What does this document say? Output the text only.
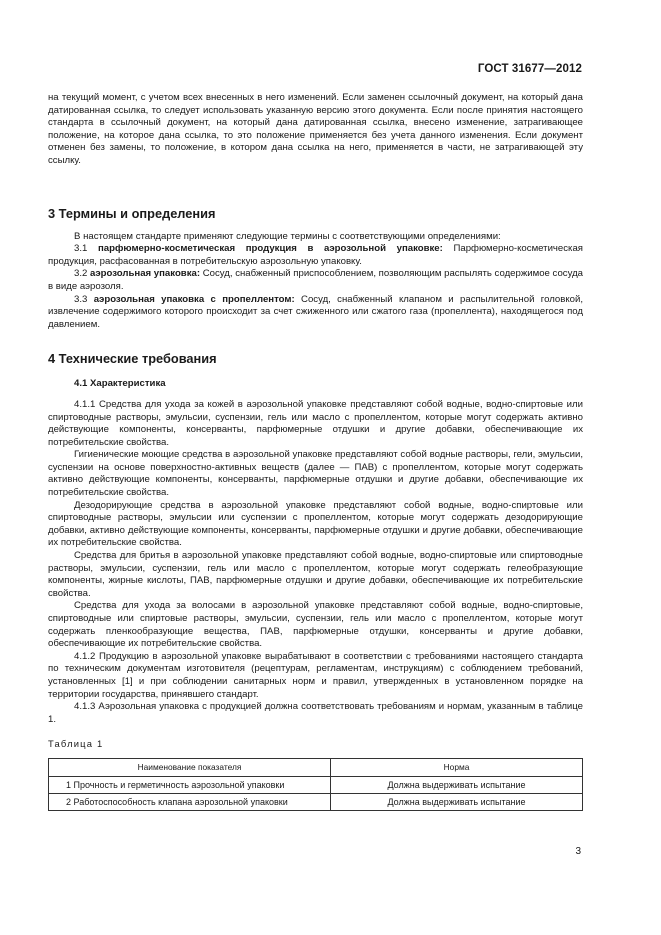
ГОСТ 31677—2012

на текущий момент, с учетом всех внесенных в него изменений. Если заменен ссылочный документ, на который дана датированная ссылка, то следует использовать указанную версию этого документа. Если после принятия настоящего стандарта в ссылочный документ, на который дана датированная ссылка, внесено изменение, затрагивающее положение, на которое дана ссылка, то это положение применяется без учета данного изменения. Если документ отменен без замены, то положение, в котором дана ссылка на него, применяется в части, не затрагивающей эту ссылку.

3 Термины и определения

В настоящем стандарте применяют следующие термины с соответствующими определениями:

3.1 парфюмерно-косметическая продукция в аэрозольной упаковке: Парфюмерно-косметическая продукция, расфасованная в потребительскую аэрозольную упаковку.

3.2 аэрозольная упаковка: Сосуд, снабженный приспособлением, позволяющим распылять содержимое сосуда в виде аэрозоля.

3.3 аэрозольная упаковка с пропеллентом: Сосуд, снабженный клапаном и распылительной головкой, извлечение содержимого которого происходит за счет сжиженного или сжатого газа (пропеллента), находящегося под давлением.

4 Технические требования
4.1 Характеристика

4.1.1 Средства для ухода за кожей в аэрозольной упаковке представляют собой водные, водно-спиртовые или спиртоводные растворы, эмульсии, суспензии, гель или масло с пропеллентом, которые могут содержать активно действующие компоненты, консерванты, парфюмерные отдушки и другие добавки, обеспечивающие их потребительские свойства.

Гигиенические моющие средства в аэрозольной упаковке представляют собой водные растворы, гели, эмульсии, суспензии на основе поверхностно-активных веществ (далее — ПАВ) с пропеллентом, которые могут содержать активно действующие компоненты, консерванты, парфюмерные отдушки и другие добавки, обеспечивающие их потребительские свойства.

Дезодорирующие средства в аэрозольной упаковке представляют собой водные, водно-спиртовые или спиртоводные растворы, эмульсии или суспензии с пропеллентом, которые могут содержать дезодорирующие добавки, активно действующие компоненты, консерванты, парфюмерные отдушки и другие добавки, обеспечивающие их потребительские свойства.

Средства для бритья в аэрозольной упаковке представляют собой водные, водно-спиртовые или спиртоводные растворы, эмульсии, суспензии, гель или масло с пропеллентом, которые могут содержать гелеобразующие компоненты, жирные кислоты, ПАВ, парфюмерные отдушки и другие добавки, обеспечивающие их потребительские свойства.

Средства для ухода за волосами в аэрозольной упаковке представляют собой водные, водно-спиртовые, спиртоводные или спиртовые растворы, эмульсии, суспензии, гель или масло с пропеллентом, которые могут содержать пленкообразующие вещества, ПАВ, парфюмерные отдушки, консерванты и другие добавки, обеспечивающие их потребительские свойства.

4.1.2 Продукцию в аэрозольной упаковке вырабатывают в соответствии с требованиями настоящего стандарта по техническим документам изготовителя (рецептурам, регламентам, инструкциям) с соблюдением требований, установленных [1] и при соблюдении санитарных норм и правил, утвержденных в установленном порядке на территории государства, принявшего стандарт.

4.1.3 Аэрозольная упаковка с продукцией должна соответствовать требованиям и нормам, указанным в таблице 1.

Таблица 1

Наименование показателя	Норма
1 Прочность и герметичность аэрозольной упаковки	Должна выдерживать испытание
2 Работоспособность клапана аэрозольной упаковки	Должна выдерживать испытание
3
